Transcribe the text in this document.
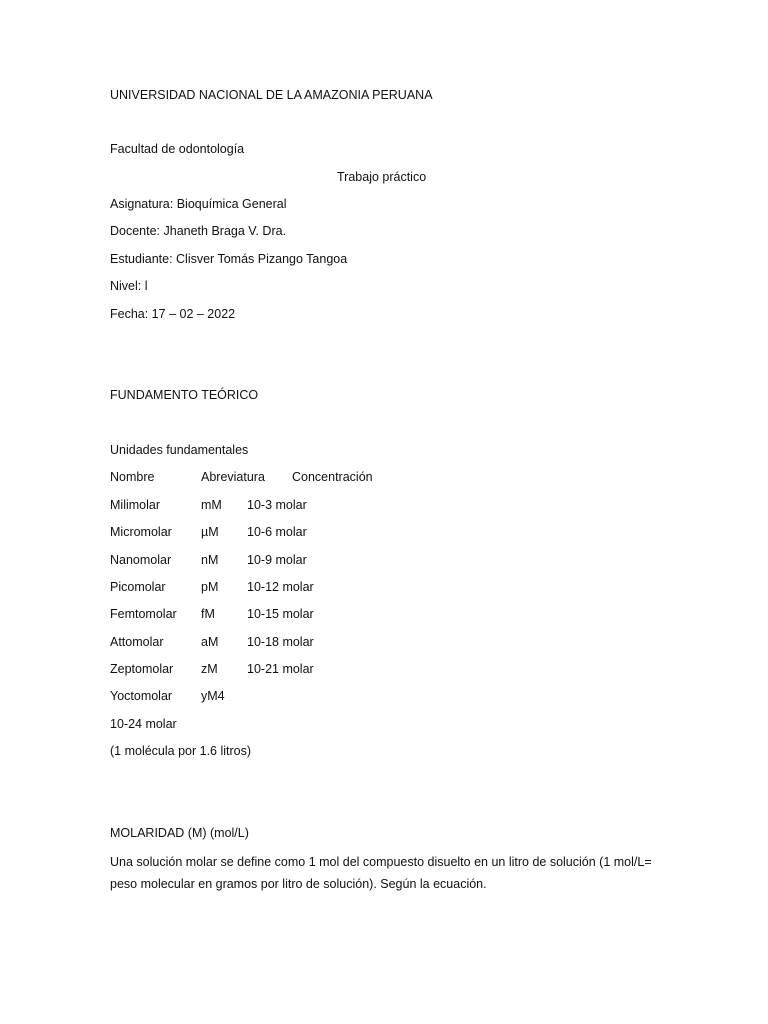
UNIVERSIDAD NACIONAL DE LA AMAZONIA PERUANA
Facultad de odontología
Trabajo práctico
Asignatura: Bioquímica General
Docente: Jhaneth Braga V. Dra.
Estudiante: Clisver Tomás Pizango Tangoa
Nivel: l
Fecha: 17 – 02 – 2022
FUNDAMENTO TEÓRICO
Unidades fundamentales
Nombre	Abreviatura Concentración
Milimolar	mM 10-3 molar
Micromolar µM 10-6 molar
Nanomolar nM 10-9 molar
Picomolar	pM 10-12 molar
Femtomolar fM	10-15 molar
Attomolar	aM 10-18 molar
Zeptomolar zM 10-21 molar
Yoctomolar yM4
10-24 molar
(1 molécula por 1.6 litros)
MOLARIDAD (M) (mol/L)
Una solución molar se define como 1 mol del compuesto disuelto en un litro de solución (1 mol/L= peso molecular en gramos por litro de solución). Según la ecuación.
